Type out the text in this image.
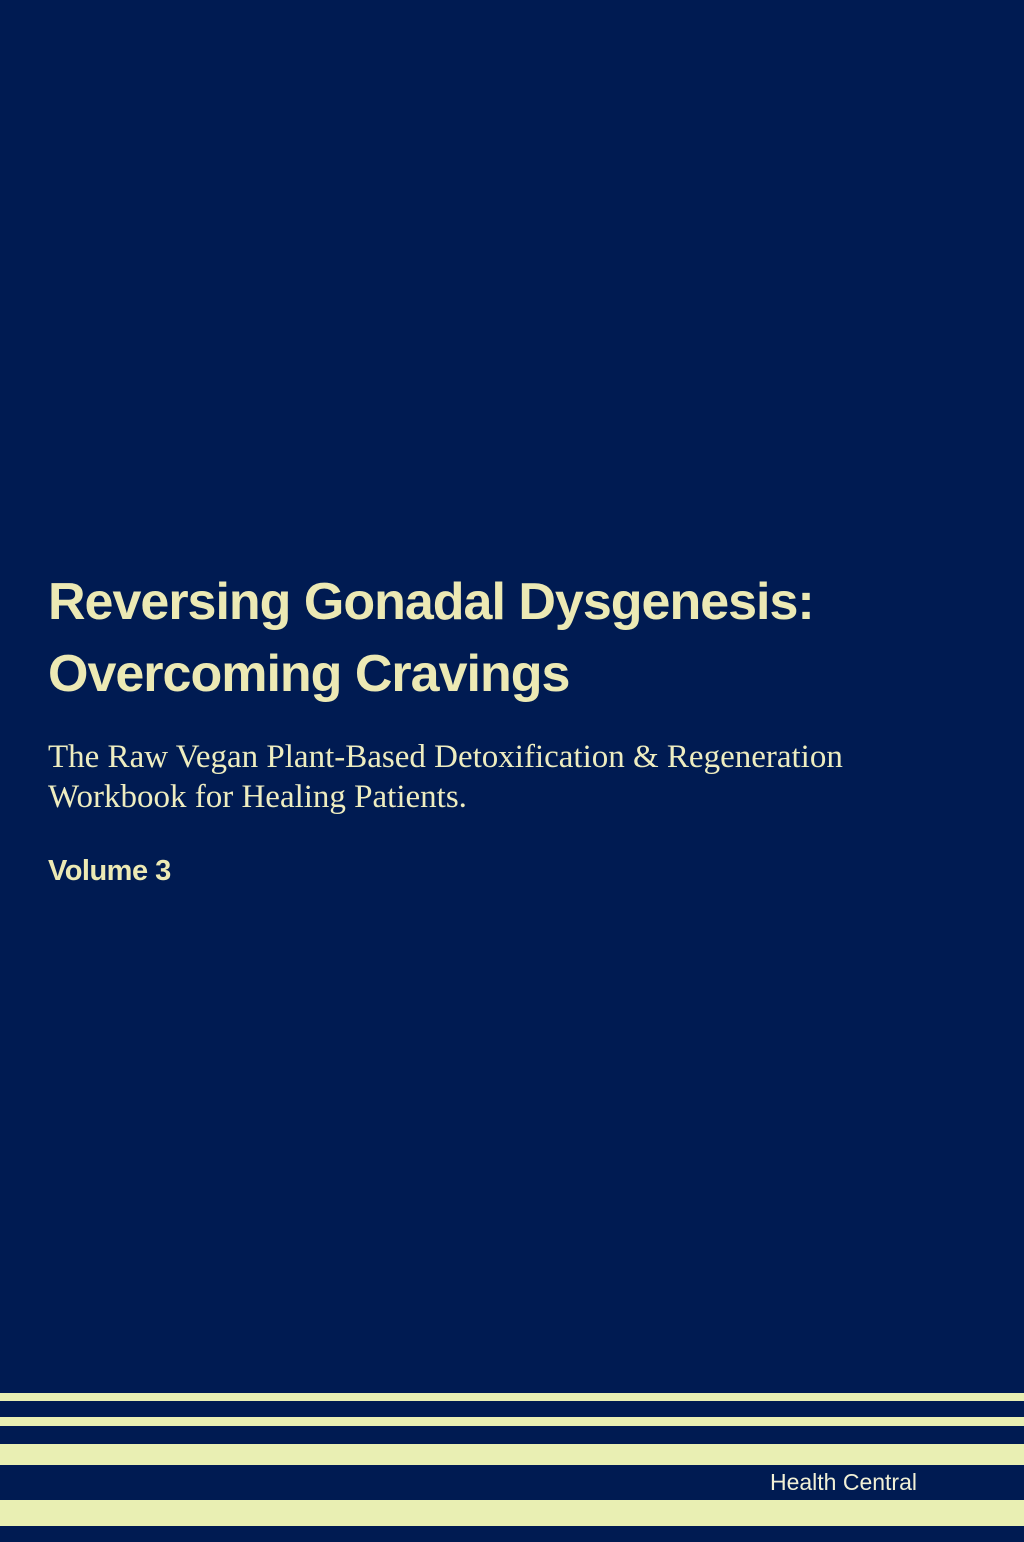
Reversing Gonadal Dysgenesis:
Overcoming Cravings
The Raw Vegan Plant-Based Detoxification & Regeneration
Workbook for Healing Patients.
Volume 3
Health Central
